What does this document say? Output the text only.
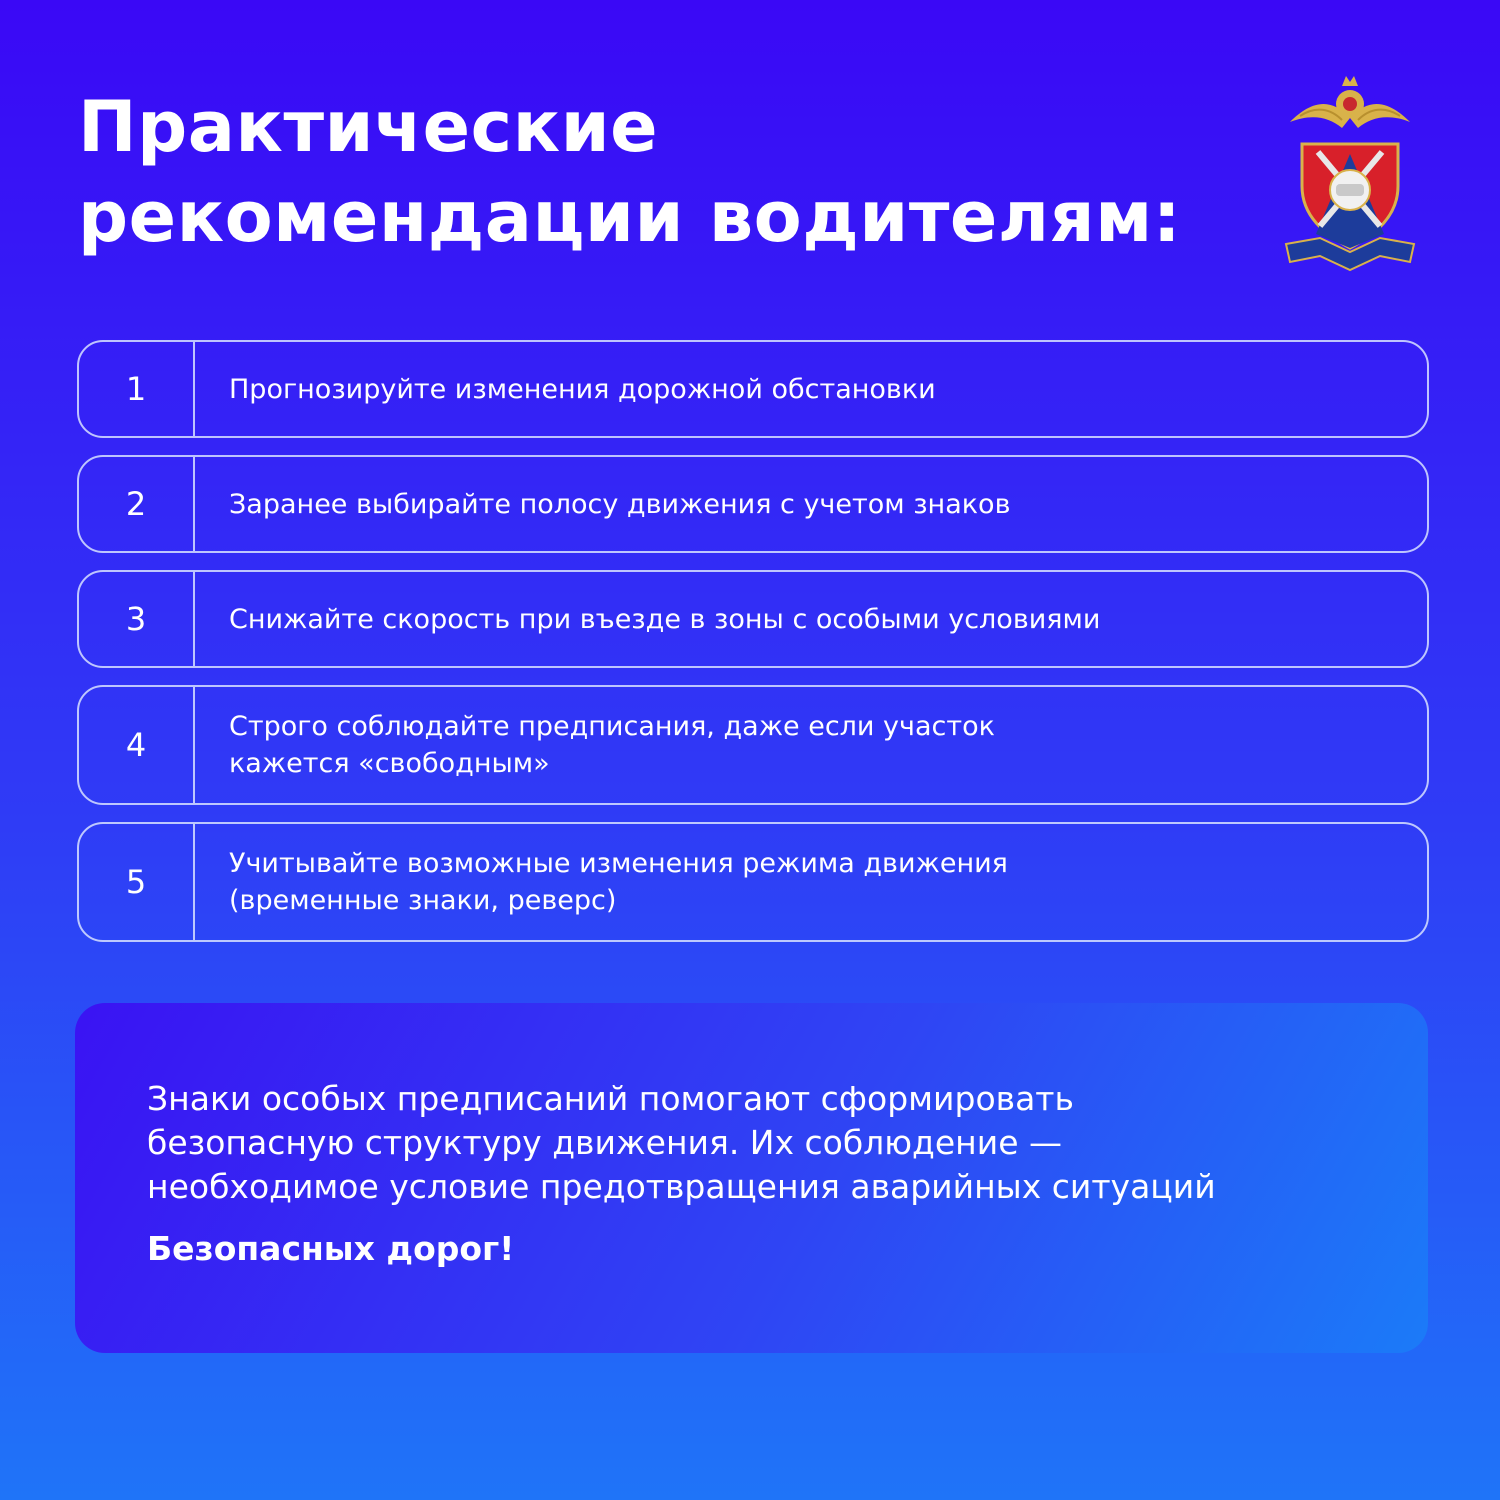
Практические
рекомендации водителям:
1	Прогнозируйте изменения дорожной обстановки
2	Заранее выбирайте полосу движения с учетом знаков
3	Снижайте скорость при въезде в зоны с особыми условиями
4	Строго соблюдайте предписания, даже если участок
кажется «свободным»
5	Учитывайте возможные изменения режима движения
(временные знаки, реверс)

Знаки особых предписаний помогают сформировать
безопасную структуру движения. Их соблюдение —
необходимое условие предотвращения аварийных ситуаций

Безопасных дорог!
